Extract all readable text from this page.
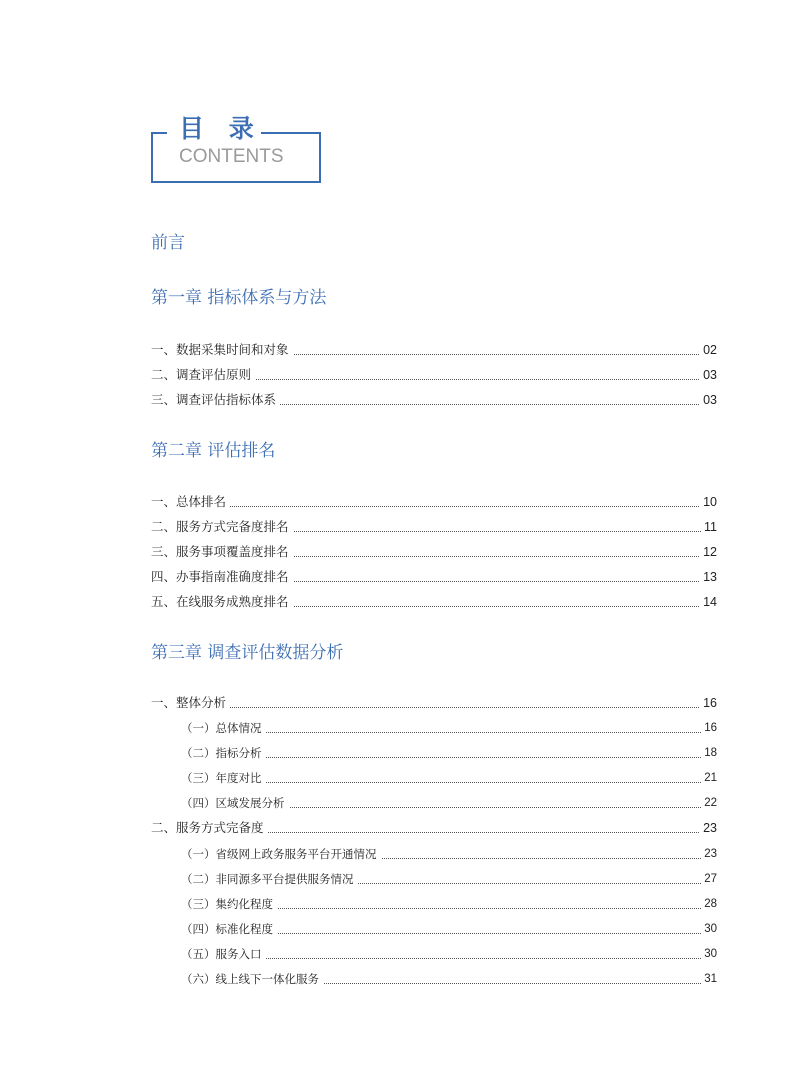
目 录
CONTENTS
前言
第一章 指标体系与方法
一、数据采集时间和对象	02
二、调查评估原则	03
三、调查评估指标体系	03
第二章 评估排名
一、总体排名	10
二、服务方式完备度排名	11
三、服务事项覆盖度排名	12
四、办事指南准确度排名	13
五、在线服务成熟度排名	14
第三章 调查评估数据分析
一、整体分析	16
（一）总体情况	16
（二）指标分析	18
（三）年度对比	21
（四）区域发展分析	22
二、服务方式完备度	23
（一）省级网上政务服务平台开通情况	23
（二）非同源多平台提供服务情况	27
（三）集约化程度	28
（四）标准化程度	30
（五）服务入口	30
（六）线上线下一体化服务	31
